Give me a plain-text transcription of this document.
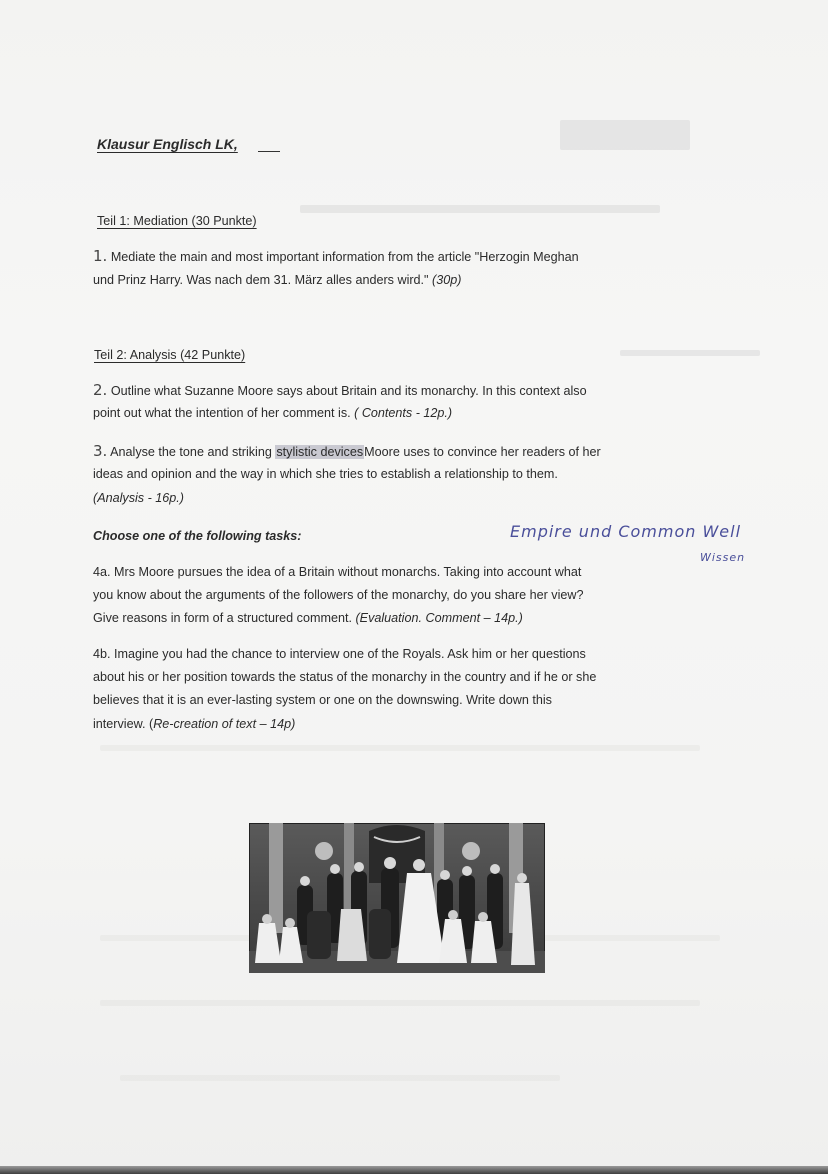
Klausur Englisch LK,
Teil 1: Mediation (30 Punkte)
1. Mediate the main and most important information from the article "Herzogin Meghan
und Prinz Harry. Was nach dem 31. März alles anders wird." (30p)
Teil 2: Analysis (42 Punkte)
2. Outline what Suzanne Moore says about Britain and its monarchy. In this context also
point out what the intention of her comment is. ( Contents - 12p.)
3. Analyse the tone and striking stylistic devicesMoore uses to convince her readers of her
ideas and opinion and the way in which she tries to establish a relationship to them.
(Analysis - 16p.)
Choose one of the following tasks:	Empire und Common Well
Wissen
4a. Mrs Moore pursues the idea of a Britain without monarchs. Taking into account what
you know about the arguments of the followers of the monarchy, do you share her view?
Give reasons in form of a structured comment. (Evaluation. Comment – 14p.)
4b. Imagine you had the chance to interview one of the Royals. Ask him or her questions
about his or her position towards the status of the monarchy in the country and if he or she
believes that it is an ever-lasting system or one on the downswing. Write down this
interview. (Re-creation of text – 14p)
